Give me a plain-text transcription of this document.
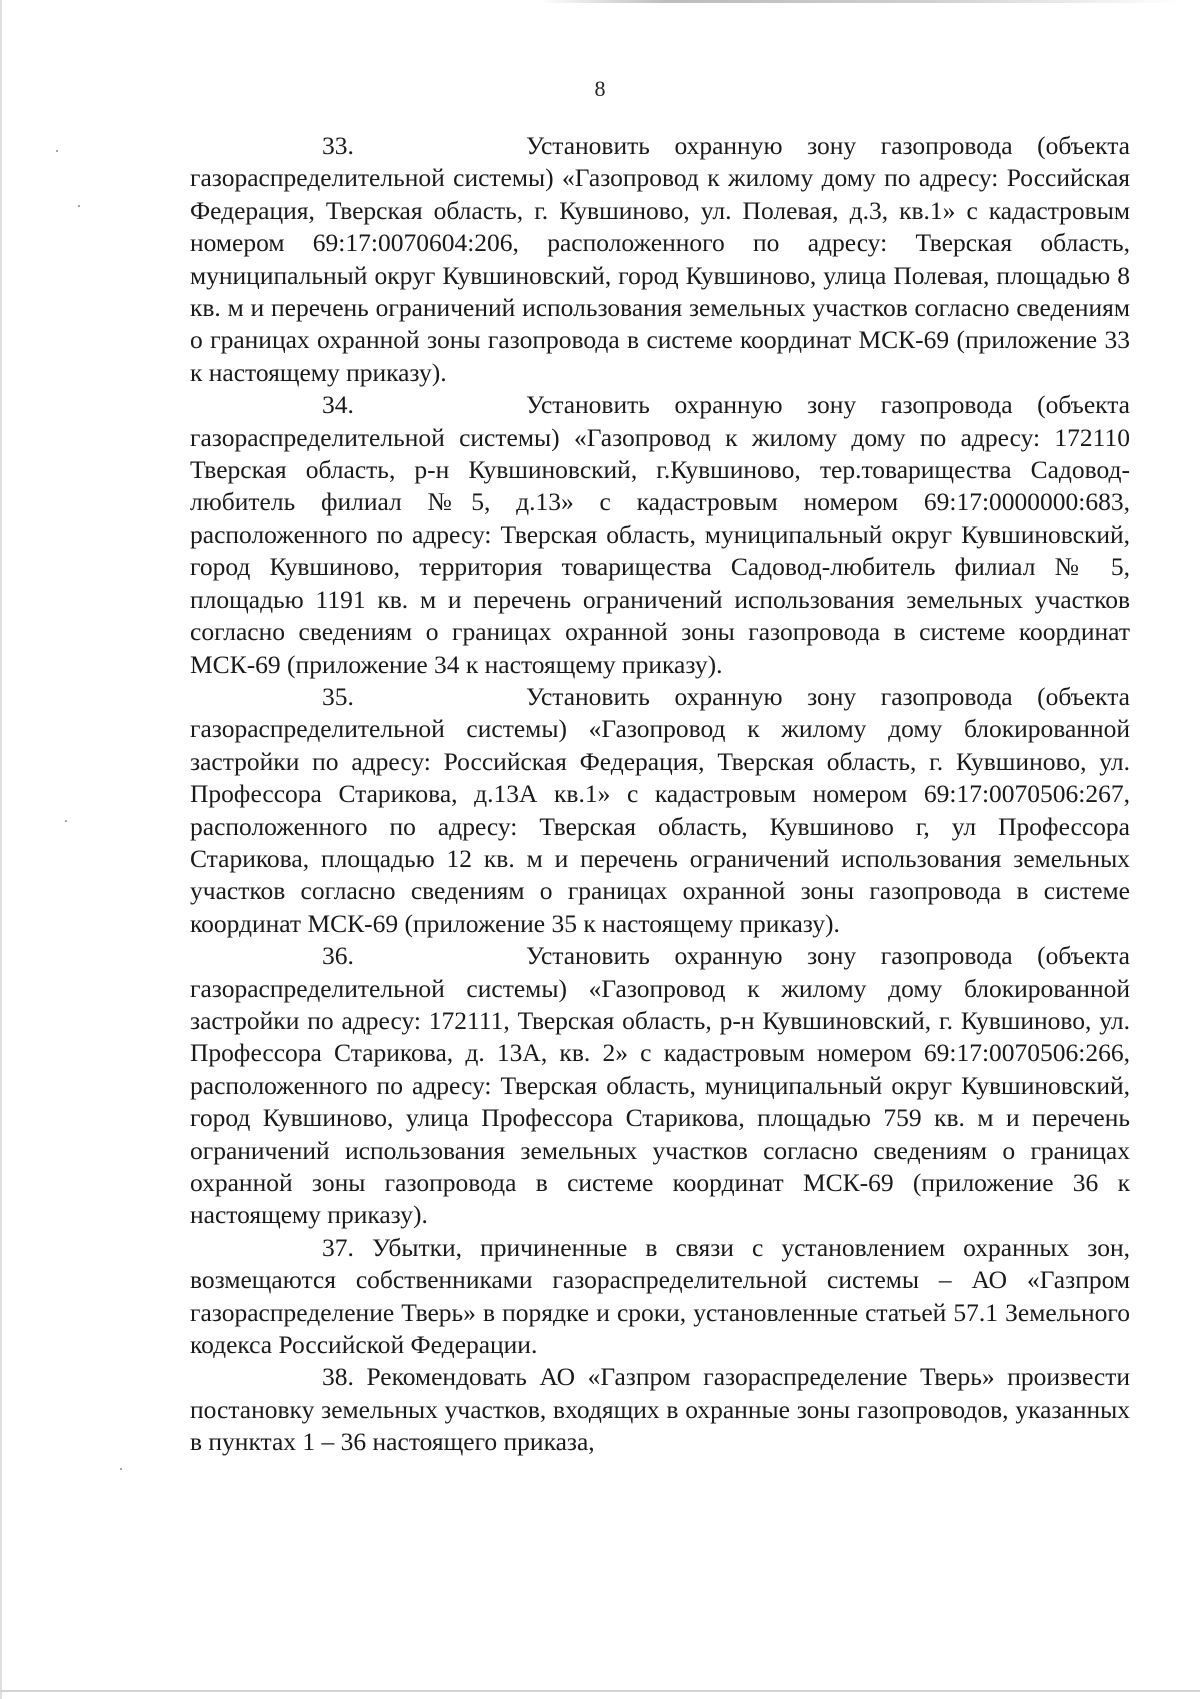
8

33.	Установить охранную зону газопровода (объекта газораспределительной системы) «Газопровод к жилому дому по адресу: Российская Федерация, Тверская область, г. Кувшиново, ул. Полевая, д.3, кв.1» с кадастровым номером 69:17:0070604:206, расположенного по адресу: Тверская область, муниципальный округ Кувшиновский, город Кувшиново, улица Полевая, площадью 8 кв. м и перечень ограничений использования земельных участков согласно сведениям о границах охранной зоны газопровода в системе координат МСК-69 (приложение 33 к настоящему приказу).

34.	Установить охранную зону газопровода (объекта газораспределительной системы) «Газопровод к жилому дому по адресу: 172110 Тверская область, р-н Кувшиновский, г.Кувшиново, тер.товарищества Садовод-любитель филиал №5, д.13» с кадастровым номером 69:17:0000000:683, расположенного по адресу: Тверская область, муниципальный округ Кувшиновский, город Кувшиново, территория товарищества Садовод-любитель филиал № 5, площадью 1191 кв. м и перечень ограничений использования земельных участков согласно сведениям о границах охранной зоны газопровода в системе координат МСК-69 (приложение 34 к настоящему приказу).

35.	Установить охранную зону газопровода (объекта газораспределительной системы) «Газопровод к жилому дому блокированной застройки по адресу: Российская Федерация, Тверская область, г. Кувшиново, ул. Профессора Старикова, д.13А кв.1» с кадастровым номером 69:17:0070506:267, расположенного по адресу: Тверская область, Кувшиново г, ул Профессора Старикова, площадью 12 кв. м и перечень ограничений использования земельных участков согласно сведениям о границах охранной зоны газопровода в системе координат МСК-69 (приложение 35 к настоящему приказу).

36.	Установить охранную зону газопровода (объекта газораспределительной системы) «Газопровод к жилому дому блокированной застройки по адресу: 172111, Тверская область, р-н Кувшиновский, г. Кувшиново, ул. Профессора Старикова, д. 13А, кв. 2» с кадастровым номером 69:17:0070506:266, расположенного по адресу: Тверская область, муниципальный округ Кувшиновский, город Кувшиново, улица Профессора Старикова, площадью 759 кв. м и перечень ограничений использования земельных участков согласно сведениям о границах охранной зоны газопровода в системе координат МСК-69 (приложение 36 к настоящему приказу).

37. Убытки, причиненные в связи с установлением охранных зон, возмещаются собственниками газораспределительной системы – АО «Газпром газораспределение Тверь» в порядке и сроки, установленные статьей 57.1 Земельного кодекса Российской Федерации.

38. Рекомендовать АО «Газпром газораспределение Тверь» произвести постановку земельных участков, входящих в охранные зоны газопроводов, указанных в пунктах 1 – 36 настоящего приказа,
